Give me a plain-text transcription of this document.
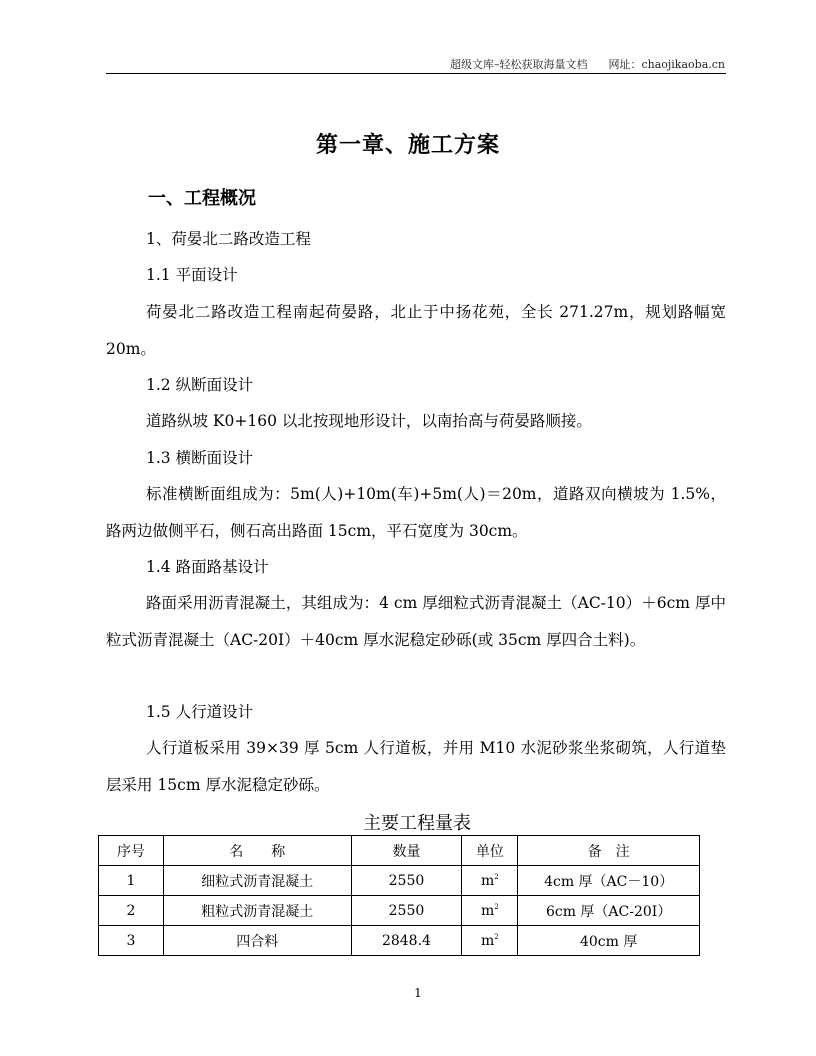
超级文库–轻松获取海量文档 网址：chaojikaoba.cn
第一章、施工方案
一、工程概况
1、荷晏北二路改造工程
1.1 平面设计
荷晏北二路改造工程南起荷晏路，北止于中扬花苑，全长 271.27m，规划路幅宽 20m。
1.2 纵断面设计
道路纵坡 K0+160 以北按现地形设计，以南抬高与荷晏路顺接。
1.3 横断面设计
标准横断面组成为：5m(人)+10m(车)+5m(人)＝20m，道路双向横坡为 1.5%，路两边做侧平石，侧石高出路面 15cm，平石宽度为 30cm。
1.4 路面路基设计
路面采用沥青混凝土，其组成为：4 cm 厚细粒式沥青混凝土（AC-10）＋6cm 厚中粒式沥青混凝土（AC-20I）＋40cm 厚水泥稳定砂砾(或 35cm 厚四合土料)。
1.5 人行道设计
人行道板采用 39×39 厚 5cm 人行道板，并用 M10 水泥砂浆坐浆砌筑，人行道垫层采用 15cm 厚水泥稳定砂砾。
主要工程量表
序号	名　　称	数量	单位	备　注
1	细粒式沥青混凝土	2550	$m^2$	4cm 厚（AC－10）
2	粗粒式沥青混凝土	2550	$m^2$	6cm 厚（AC-20I）
3	四合料	2848.4	$m^2$	40cm 厚
1
